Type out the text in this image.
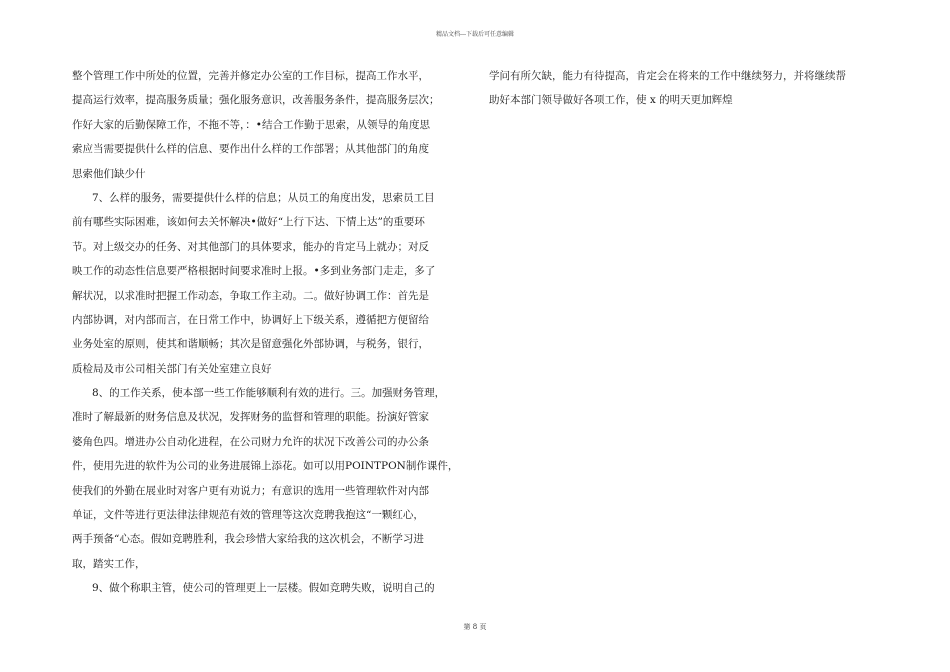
精品文档---下载后可任意编辑
整个管理工作中所处的位置，完善并修定办公室的工作目标，提高工作水平，
提高运行效率，提高服务质量；强化服务意识，改善服务条件，提高服务层次；
作好大家的后勤保障工作，不拖不等，：•结合工作勤于思索，从领导的角度思
索应当需要提供什么样的信息、要作出什么样的工作部署；从其他部门的角度
思索他们缺少什
7、么样的服务，需要提供什么样的信息；从员工的角度出发，思索员工目
前有哪些实际困难，该如何去关怀解决•做好“上行下达、下情上达”的重要环
节。对上级交办的任务、对其他部门的具体要求，能办的肯定马上就办；对反
映工作的动态性信息要严格根据时间要求准时上报。•多到业务部门走走，多了
解状况，以求准时把握工作动态，争取工作主动。二。做好协调工作：首先是
内部协调，对内部而言，在日常工作中，协调好上下级关系，遵循把方便留给
业务处室的原则，使其和谐顺畅；其次是留意强化外部协调，与税务，银行，
质检局及市公司相关部门有关处室建立良好
8、的工作关系，使本部一些工作能够顺利有效的进行。三。加强财务管理，
准时了解最新的财务信息及状况，发挥财务的监督和管理的职能。扮演好管家
婆角色四。增进办公自动化进程，在公司财力允许的状况下改善公司的办公条
件，使用先进的软件为公司的业务进展锦上添花。如可以用POINTPON制作课件，
使我们的外勤在展业时对客户更有劝说力；有意识的选用一些管理软件对内部
单证，文件等进行更法律法律规范有效的管理等这次竞聘我抱这“一颗红心，
两手预备“心态。假如竞聘胜利，我会珍惜大家给我的这次机会，不断学习进
取，踏实工作，
9、做个称职主管，使公司的管理更上一层楼。假如竞聘失败，说明自己的
学问有所欠缺，能力有待提高，肯定会在将来的工作中继续努力，并将继续帮
助好本部门领导做好各项工作，使 x 的明天更加辉煌
第 8 页
